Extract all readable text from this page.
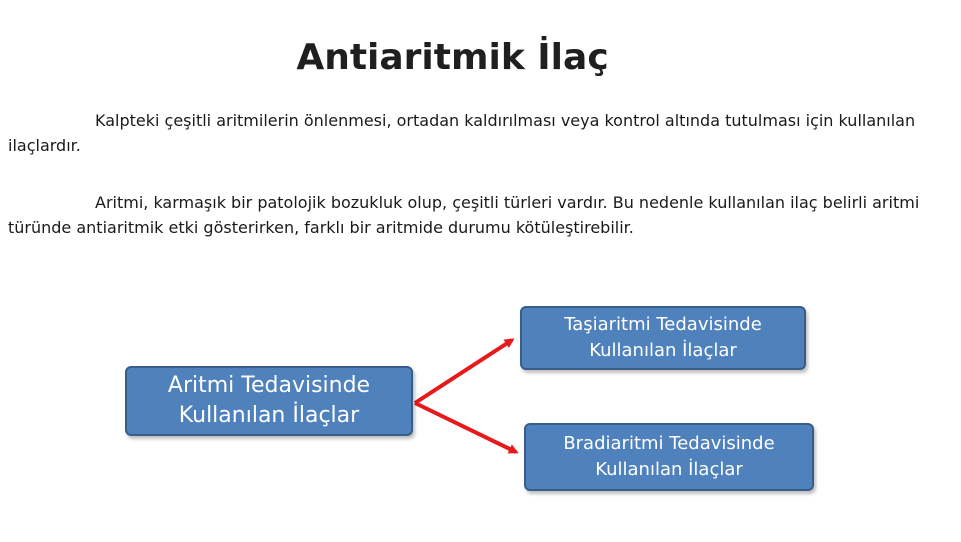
Antiaritmik İlaç
Kalpteki çeşitli aritmilerin önlenmesi, ortadan kaldırılması veya kontrol altında tutulması için kullanılan ilaçlardır.
Aritmi, karmaşık bir patolojik bozukluk olup, çeşitli türleri vardır. Bu nedenle kullanılan ilaç belirli aritmi türünde antiaritmik etki gösterirken, farklı bir aritmide durumu kötüleştirebilir.
Aritmi Tedavisinde
Kullanılan İlaçlar
Taşiaritmi Tedavisinde
Kullanılan İlaçlar
Bradiaritmi Tedavisinde
Kullanılan İlaçlar
